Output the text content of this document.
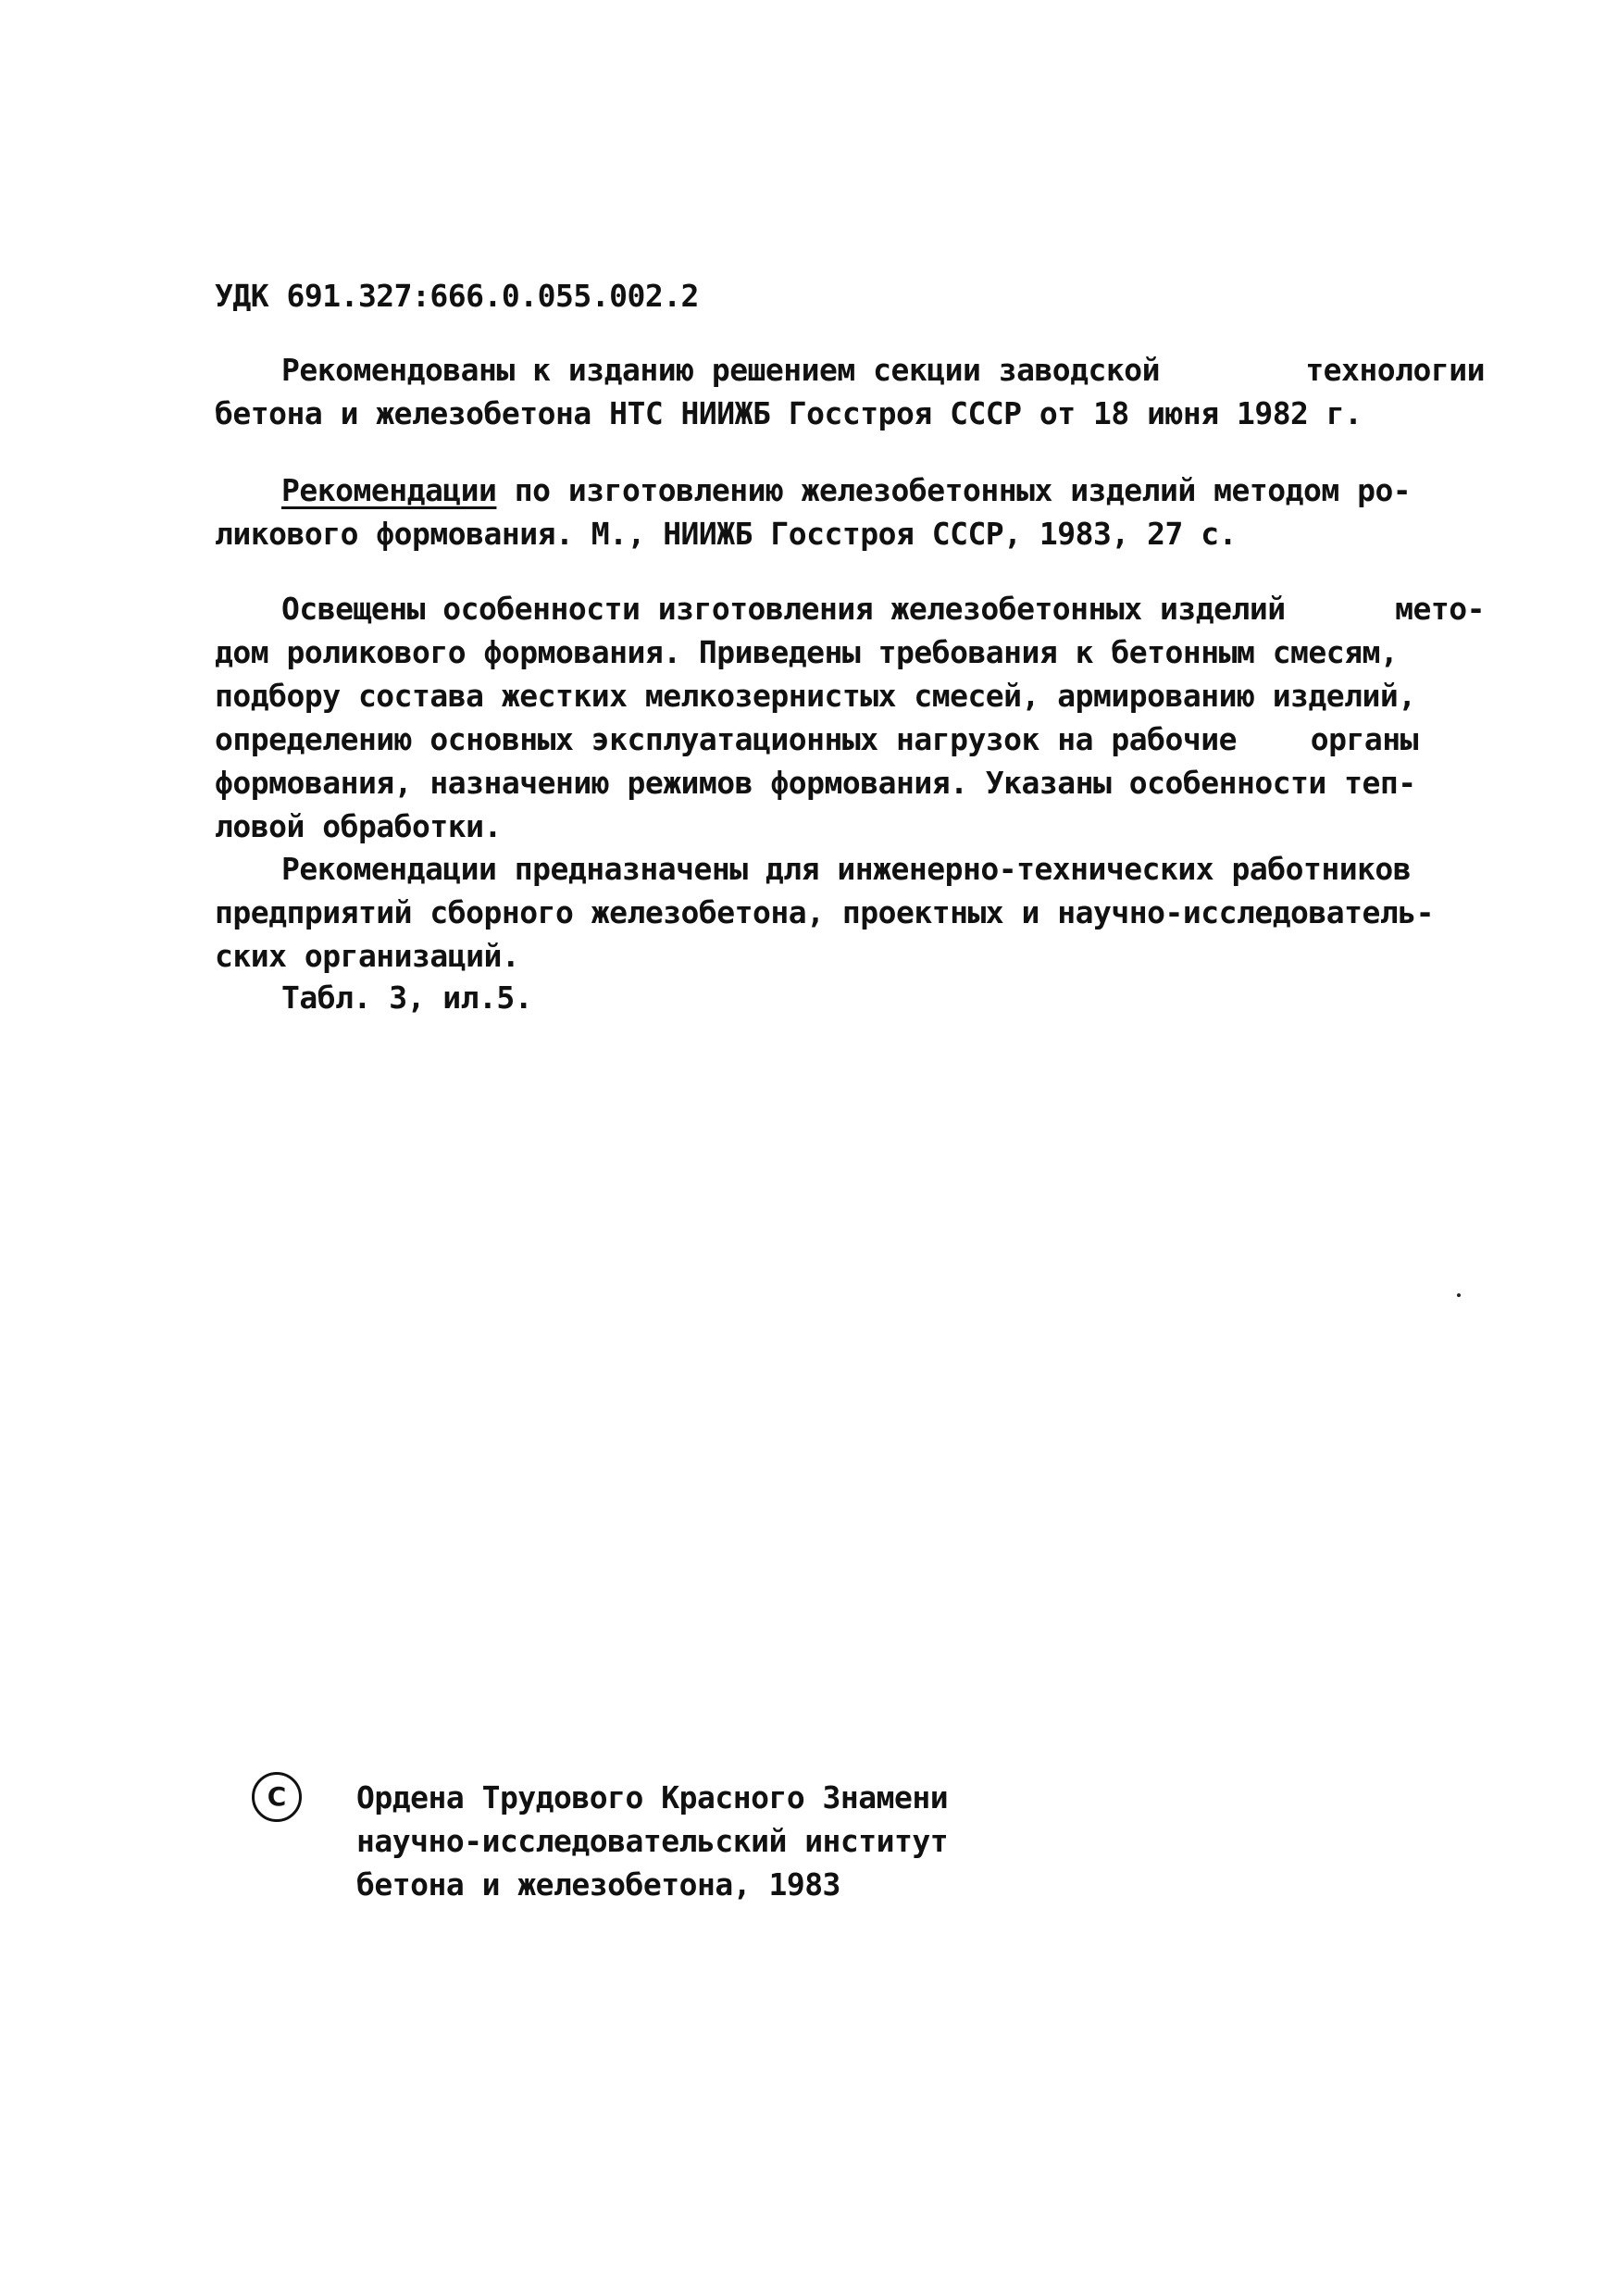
УДК 691.327:666.0.055.002.2
Рекомендованы к изданию решением секции заводской	технологии
бетона и железобетона НТС НИИЖБ Госстроя СССР от 18 июня 1982 г.
Рекомендации по изготовлению железобетонных изделий методом ро-
ликового формования. М., НИИЖБ Госстроя СССР, 1983, 27 с.
Освещены особенности изготовления железобетонных изделий	мето-
дом роликового формования. Приведены требования к бетонным смесям,
подбору состава жестких мелкозернистых смесей, армированию изделий,
определению основных эксплуатационных нагрузок на рабочие органы
формования, назначению режимов формования. Указаны особенности теп-
ловой обработки.
Рекомендации предназначены для инженерно-технических работников
предприятий сборного железобетона, проектных и научно-исследователь-
ских организаций.
Табл. 3, ил.5.
C	Ордена Трудового Красного Знамени
научно-исследовательский институт
бетона и железобетона, 1983
